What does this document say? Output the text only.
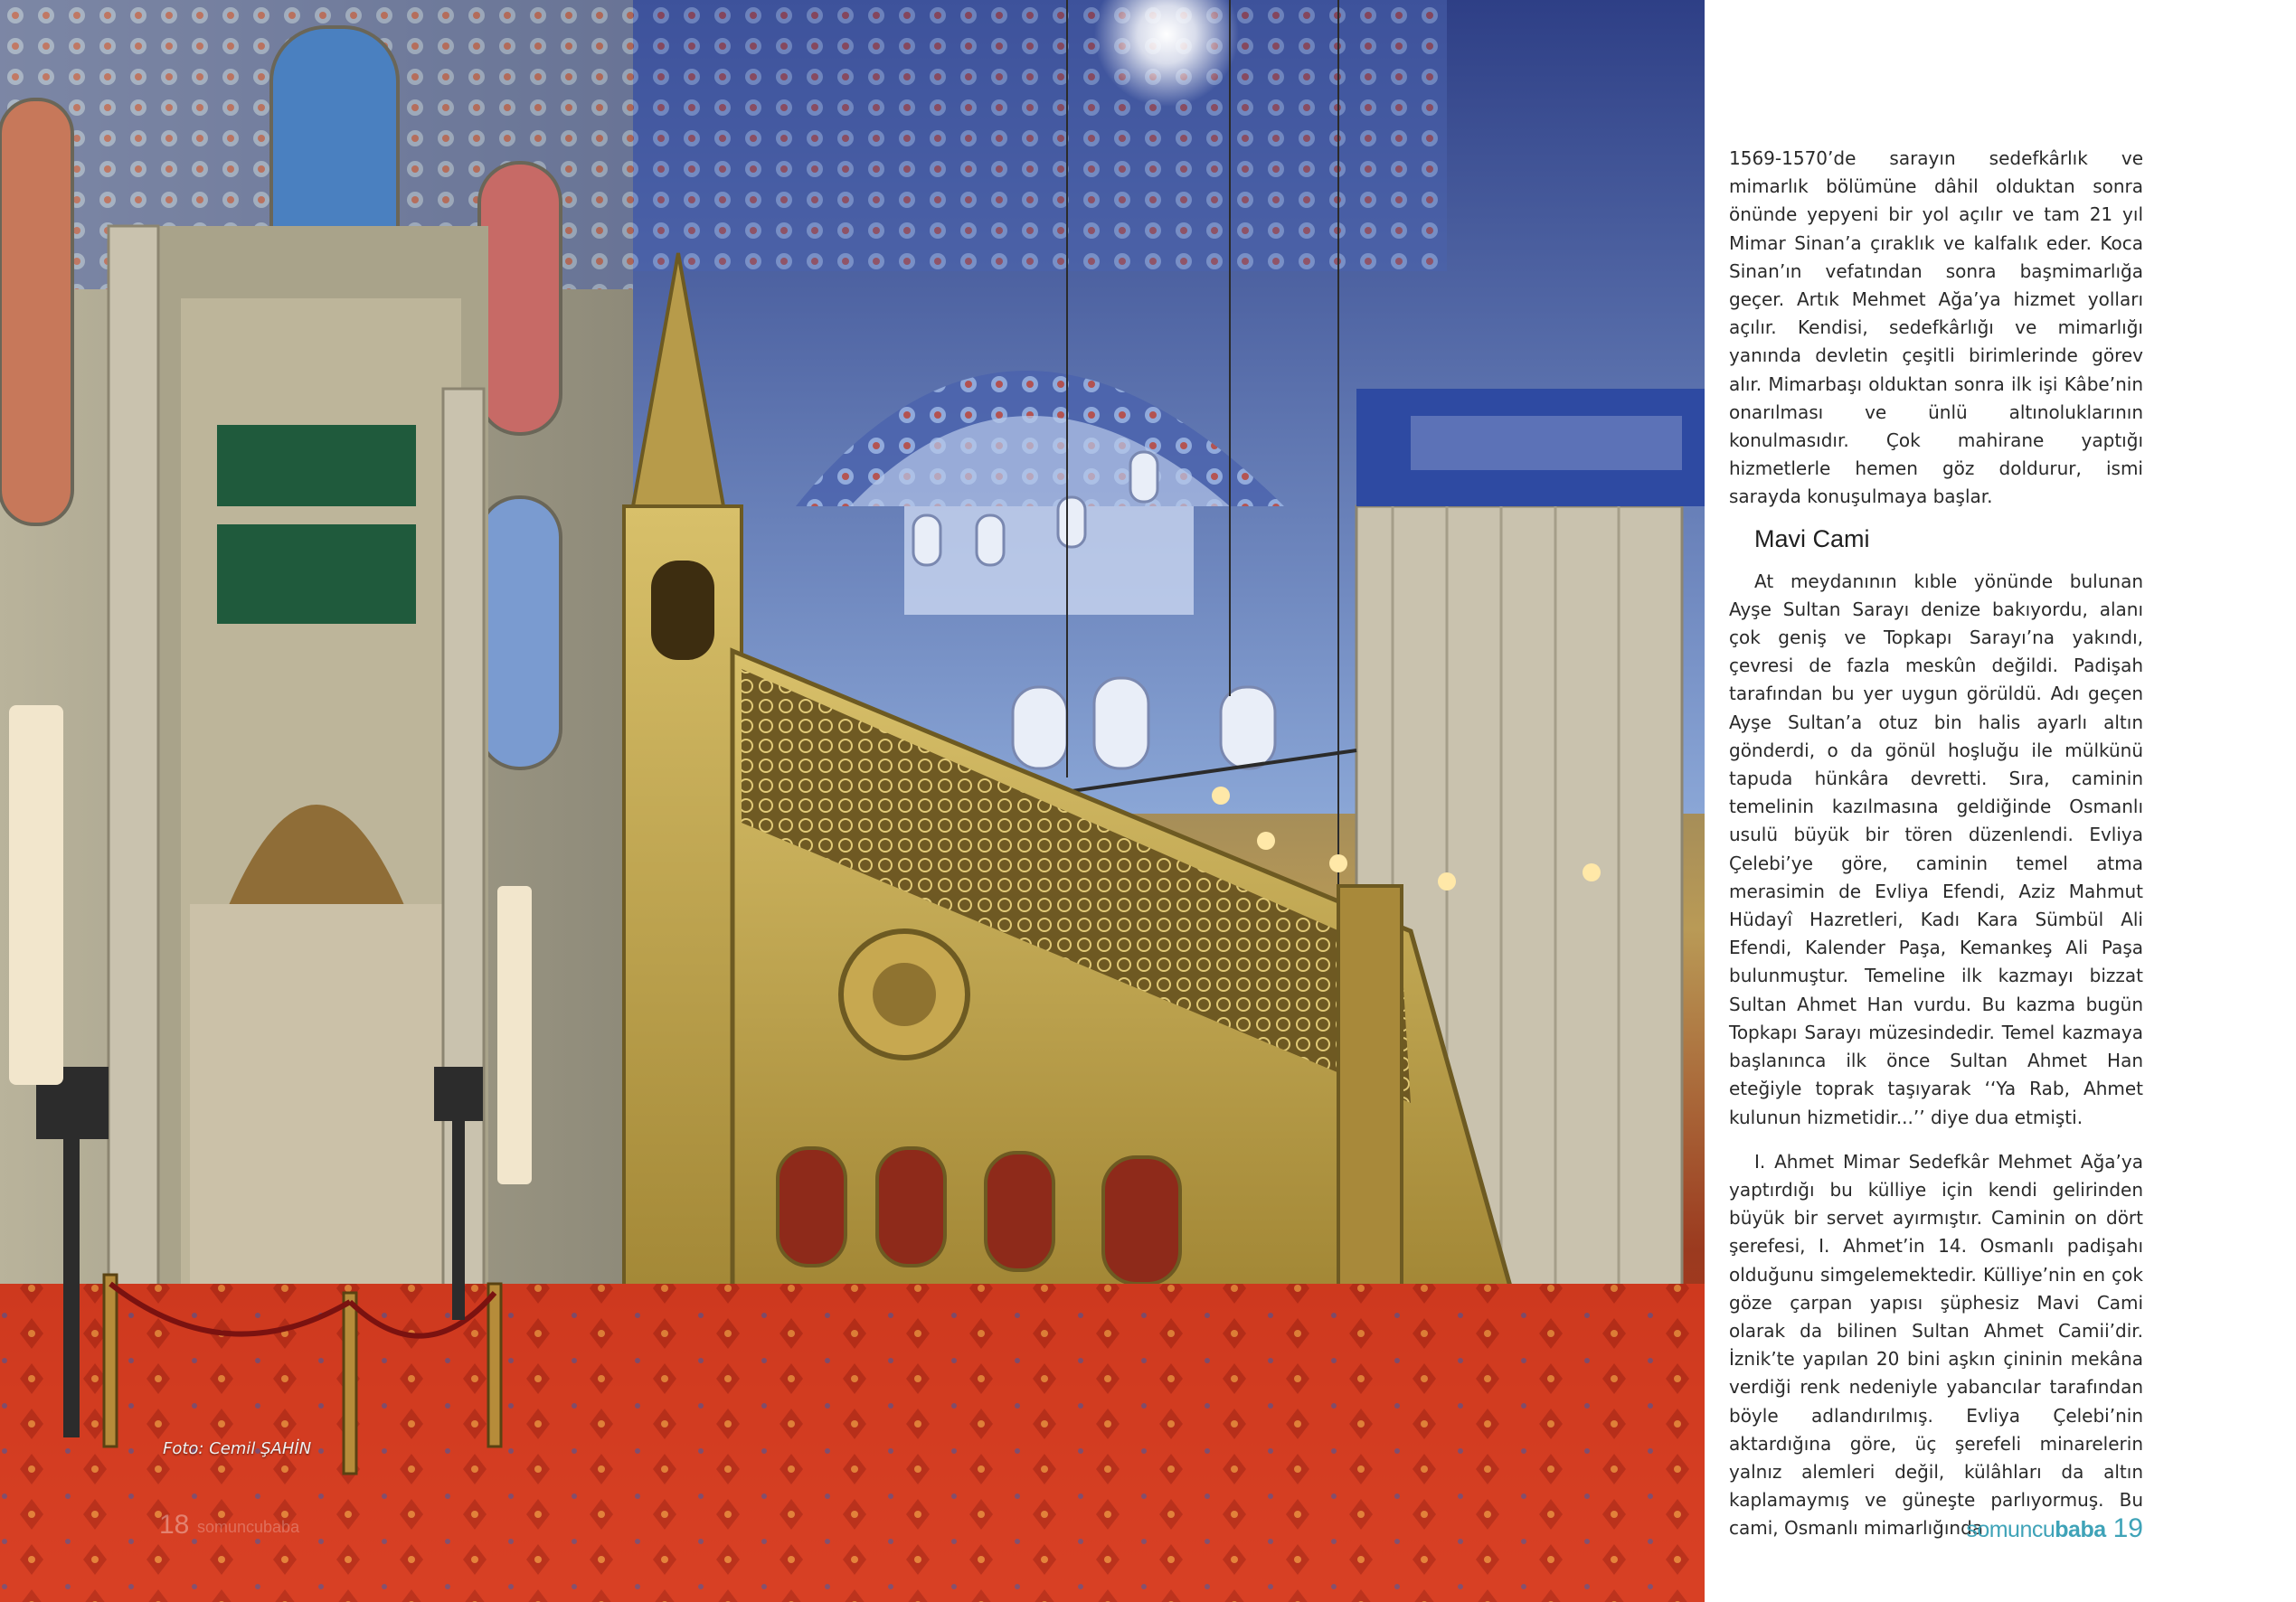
Foto: Cemil ŞAHİN
18 somuncubaba

1569-1570’de sarayın sedefkârlık ve mimarlık bölümüne dâhil olduktan sonra önünde yepyeni bir yol açılır ve tam 21 yıl Mimar Sinan’a çıraklık ve kalfalık eder. Koca Sinan’ın vefatından sonra başmimarlığa geçer. Artık Mehmet Ağa’ya hizmet yolları açılır. Kendisi, sedefkârlığı ve mimarlığı yanında devletin çeşitli birimlerinde görev alır. Mimarbaşı olduktan sonra ilk işi Kâbe’nin onarılması ve ünlü altınoluklarının konulmasıdır. Çok mahirane yaptığı hizmetlerle hemen göz doldurur, ismi sarayda konuşulmaya başlar.

Mavi Cami

At meydanının kıble yönünde bulunan Ayşe Sultan Sarayı denize bakıyordu, alanı çok geniş ve Topkapı Sarayı’na yakındı, çevresi de fazla meskûn değildi. Padişah tarafından bu yer uygun görüldü. Adı geçen Ayşe Sultan’a otuz bin halis ayarlı altın gönderdi, o da gönül hoşluğu ile mülkünü tapuda hünkâra devretti. Sıra, caminin temelinin kazılmasına geldiğinde Osmanlı usulü büyük bir tören düzenlendi. Evliya Çelebi’ye göre, caminin temel atma merasimin de Evliya Efendi, Aziz Mahmut Hüdayî Hazretleri, Kadı Kara Sümbül Ali Efendi, Kalender Paşa, Kemankeş Ali Paşa bulunmuştur. Temeline ilk kazmayı bizzat Sultan Ahmet Han vurdu. Bu kazma bugün Topkapı Sarayı müzesindedir. Temel kazmaya başlanınca ilk önce Sultan Ahmet Han eteğiyle toprak taşıyarak ‘‘Ya Rab, Ahmet kulunun hizmetidir...’’ diye dua etmişti.

I. Ahmet Mimar Sedefkâr Mehmet Ağa’ya yaptırdığı bu külliye için kendi gelirinden büyük bir servet ayırmıştır. Caminin on dört şerefesi, I. Ahmet’in 14. Osmanlı padişahı olduğunu simgelemektedir. Külliye’nin en çok göze çarpan yapısı şüphesiz Mavi Cami olarak da bilinen Sultan Ahmet Camii’dir. İznik’te yapılan 20 bini aşkın çininin mekâna verdiği renk nedeniyle yabancılar tarafından böyle adlandırılmış. Evliya Çelebi’nin aktardığına göre, üç şerefeli minarelerin yalnız alemleri değil, külâhları da altın kaplamaymış ve güneşte parlıyormuş. Bu cami, Osmanlı mimarlığında

somuncu baba 19
